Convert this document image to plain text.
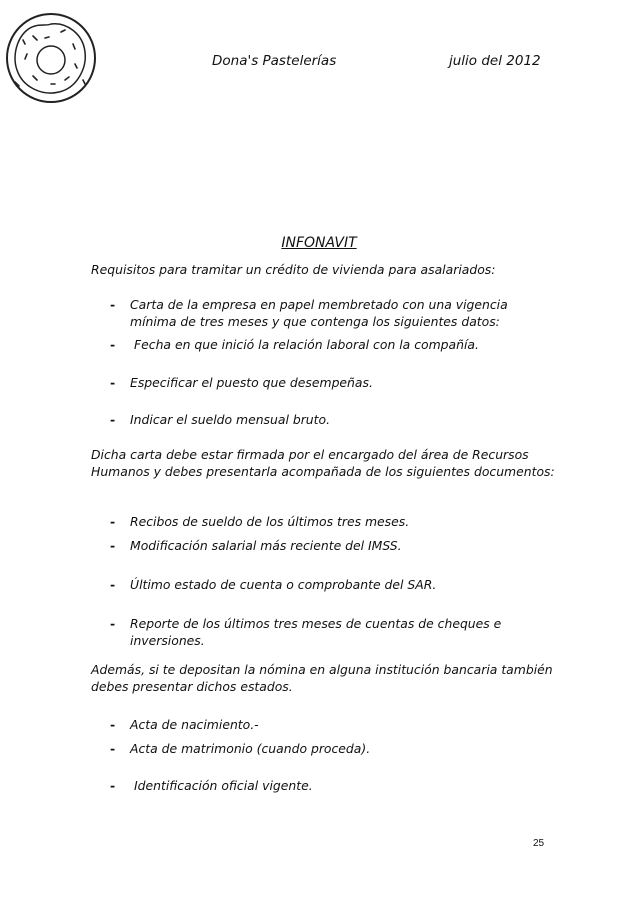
Dona's Pastelerías	julio del 2012
INFONAVIT
Requisitos para tramitar un crédito de vivienda para asalariados:
-	Carta de la empresa en papel membretado con una vigencia mínima de tres meses y que contenga los siguientes datos:
-	Fecha en que inició la relación laboral con la compañía.
-	Especificar el puesto que desempeñas.
-	Indicar el sueldo mensual bruto.
Dicha carta debe estar firmada por el encargado del área de Recursos Humanos y debes presentarla acompañada de los siguientes documentos:
-	Recibos de sueldo de los últimos tres meses.
-	Modificación salarial más reciente del IMSS.
-	Último estado de cuenta o comprobante del SAR.
-	Reporte de los últimos tres meses de cuentas de cheques e inversiones.
Además, si te depositan la nómina en alguna institución bancaria también debes presentar dichos estados.
-	Acta de nacimiento.-
-	Acta de matrimonio (cuando proceda).
-	Identificación oficial vigente.
25
